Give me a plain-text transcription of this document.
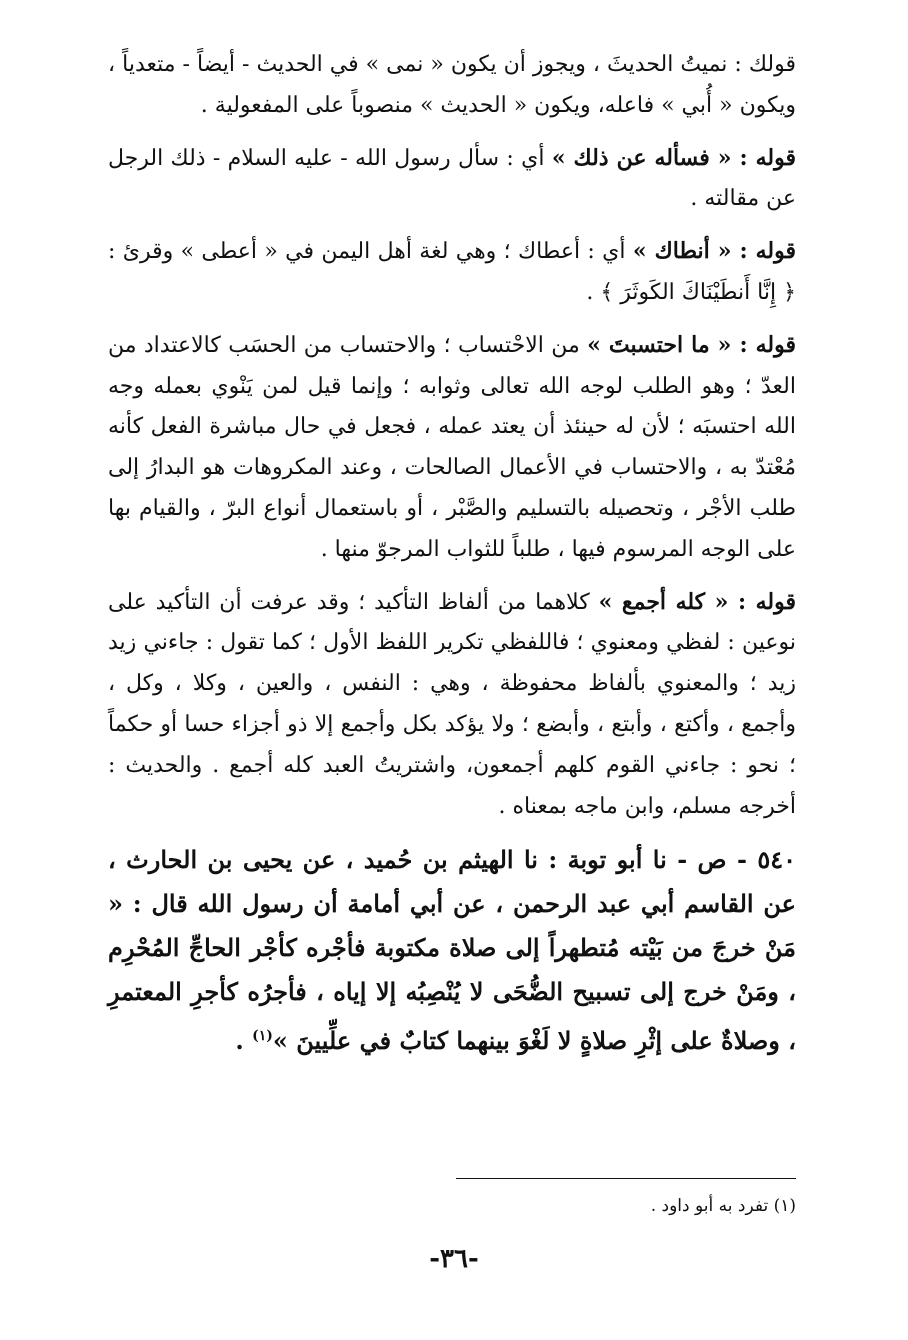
قولك : نميتُ الحديثَ ، ويجوز أن يكون « نمى » في الحديث - أيضاً - متعدياً ، ويكون « أُبي » فاعله، ويكون « الحديث » منصوباً على المفعولية .

قوله : « فسأله عن ذلك » أي : سأل رسول الله - عليه السلام - ذلك الرجل عن مقالته .

قوله : « أنطاك » أي : أعطاك ؛ وهي لغة أهل اليمن في « أعطى » وقرئ : ﴿ إِنَّا أَنطَيْنَاكَ الكَوثَرَ ﴾ .

قوله : « ما احتسبتَ » من الاحْتساب ؛ والاحتساب من الحسَب كالاعتداد من العدّ ؛ وهو الطلب لوجه الله تعالى وثوابه ؛ وإنما قيل لمن يَنْوي بعمله وجه الله احتسبَه ؛ لأن له حينئذ أن يعتد عمله ، فجعل في حال مباشرة الفعل كأنه مُعْتدّ به ، والاحتساب في الأعمال الصالحات ، وعند المكروهات هو البدارُ إلى طلب الأجْر ، وتحصيله بالتسليم والصَّبْر ، أو باستعمال أنواع البرّ ، والقيام بها على الوجه المرسوم فيها ، طلباً للثواب المرجوّ منها .

قوله : « كله أجمع » كلاهما من ألفاظ التأكيد ؛ وقد عرفت أن التأكيد على نوعين : لفظي ومعنوي ؛ فاللفظي تكرير اللفظ الأول ؛ كما تقول : جاءني زيد زيد ؛ والمعنوي بألفاظ محفوظة ، وهي : النفس ، والعين ، وكلا ، وكل ، وأجمع ، وأكتع ، وأبتع ، وأبضع ؛ ولا يؤكد بكل وأجمع إلا ذو أجزاء حسا أو حكماً ؛ نحو : جاءني القوم كلهم أجمعون، واشتريتُ العبد كله أجمع . والحديث : أخرجه مسلم، وابن ماجه بمعناه .

٥٤٠ - ص - نا أبو توبة : نا الهيثم بن حُميد ، عن يحيى بن الحارث ، عن القاسم أبي عبد الرحمن ، عن أبي أمامة أن رسول الله قال : « مَنْ خرجَ من بَيْته مُتطهراً إلى صلاة مكتوبة فأجْره كأجْر الحاجِّ المُحْرِم ، ومَنْ خرج إلى تسبيح الضُّحَى لا يُنْصِبُه إلا إياه ، فأجرُه كأجرِ المعتمرِ ، وصلاةٌ على إثْرِ صلاةٍ لا لَغْوَ بينهما كتابٌ في علِّيينَ »$^{(١)}$ .

(١) تفرد به أبو داود .
-٣٦-
